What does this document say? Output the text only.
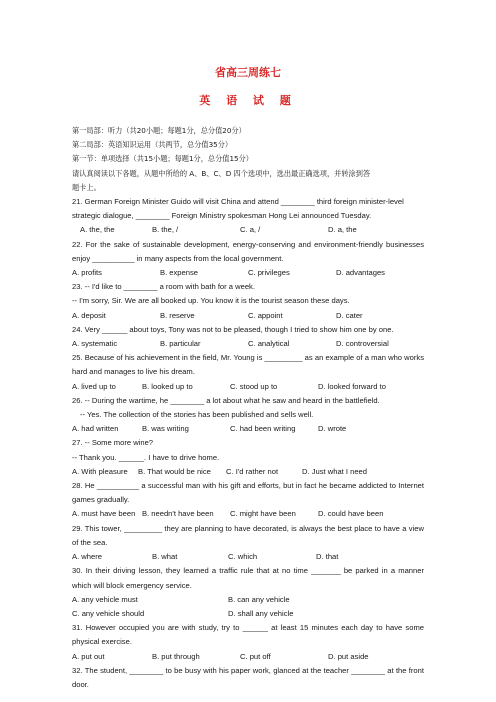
省高三周练七
英 语 试 题
第一局部：听力（共20小题；每题1分，总分值20分）
第二局部：英语知识运用（共两节，总分值35分）
第一节：单项选择（共15小题；每题1分，总分值15分）
请认真阅读以下各题，从题中所给的 A、B、C、D 四个选项中，选出最正确选项，并转涂到答
题卡上。
21. German Foreign Minister Guido will visit China and attend ________ third foreign minister-level
strategic dialogue, ________ Foreign Ministry spokesman Hong Lei announced Tuesday.
A. the, the	B. the, /	C. a, /	D. a, the
22. For the sake of sustainable development, energy-conserving and environment-friendly businesses enjoy __________ in many aspects from the local government.
A. profits	B. expense	C. privileges	D. advantages
23. -- I'd like to ________ a room with bath for a week.
-- I'm sorry, Sir. We are all booked up. You know it is the tourist season these days.
A. deposit	B. reserve	C. appoint	D. cater
24. Very ______ about toys, Tony was not to be pleased, though I tried to show him one by one.
A. systematic	B. particular	C. analytical	D. controversial
25. Because of his achievement in the field, Mr. Young is _________ as an example of a man who works hard and manages to live his dream.
A. lived up to	B. looked up to	C. stood up to	D. looked forward to
26. -- During the wartime, he ________ a lot about what he saw and heard in the battlefield.
-- Yes. The collection of the stories has been published and sells well.
A. had written	B. was writing	C. had been writing	D. wrote
27. -- Some more wine?
-- Thank you. ______. I have to drive home.
A. With pleasure	B. That would be nice	C. I'd rather not	D. Just what I need
28. He __________ a successful man with his gift and efforts, but in fact he became addicted to Internet games gradually.
A. must have been B. needn't have been	C. might have been	D. could have been
29. This tower, _________ they are planning to have decorated, is always the best place to have a view of the sea.
A. where	B. what	C. which	D. that
30. In their driving lesson, they learned a traffic rule that at no time _______ be parked in a manner which will block emergency service.
A. any vehicle must	B. can any vehicle
C. any vehicle should	D. shall any vehicle
31. However occupied you are with study, try to ______ at least 15 minutes each day to have some physical exercise.
A. put out	B. put through	C. put off	D. put aside
32. The student, ________ to be busy with his paper work, glanced at the teacher ________ at the front door.
